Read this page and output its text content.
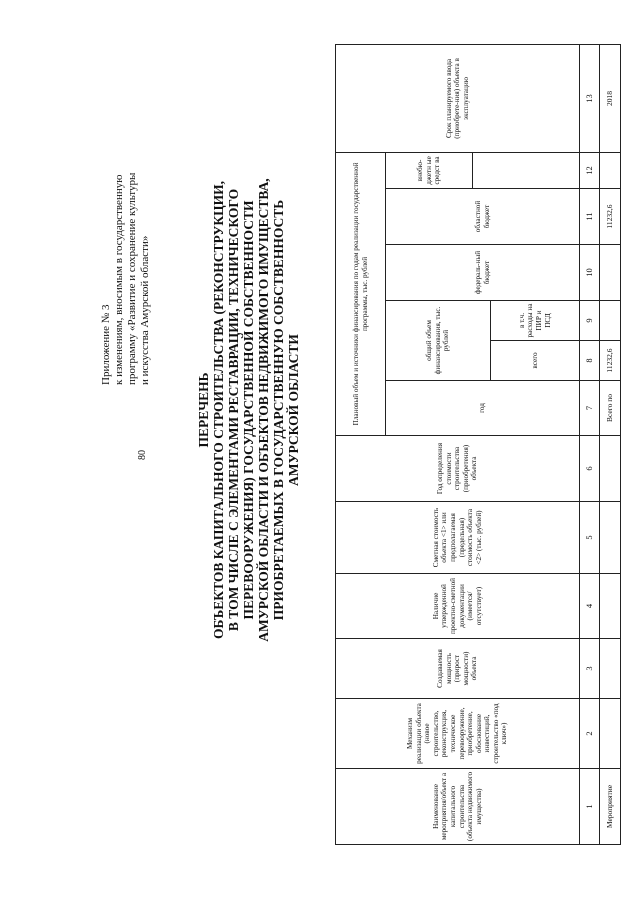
80
Приложение № 3 к изменениям, вносимым в государственную программу «Развитие и сохранение культуры и искусства Амурской области»
ПЕРЕЧЕНЬ ОБЪЕКТОВ КАПИТАЛЬНОГО СТРОИТЕЛЬСТВА (РЕКОНСТРУКЦИИ, В ТОМ ЧИСЛЕ С ЭЛЕМЕНТАМИ РЕСТАВРАЦИИ, ТЕХНИЧЕСКОГО ПЕРЕВООРУЖЕНИЯ) ГОСУДАРСТВЕННОЙ СОБСТВЕННОСТИ АМУРСКОЙ ОБЛАСТИ И ОБЪЕКТОВ НЕДВИЖИМОГО ИМУЩЕСТВА, ПРИОБРЕТАЕМЫХ В ГОСУДАРСТВЕННУЮ СОБСТВЕННОСТЬ АМУРСКОЙ ОБЛАСТИ
Наименование мероприятия/объект а капитального строительства (объекта недвижимого имущества)	Механизм реализации объекта (новое строительство, реконструкция, техническое перевооружение, приобретение, обоснование инвестиций, строительство «под ключ»)	Создаваемая мощность (прирост мощности) объекта	Наличие утвержденной проектно-сметной документации (имеется/отсутствует)	Сметная стоимость объекта <1> или предполагаемая (предельная) стоимость объекта <2> (тыс. рублей)	Год определения стоимости строительства (приобретения) объекта	Плановый объем и источники финансирования по годам реализации государственной программы, тыс. рублей						Срок планируемого ввода (приобрете-ния) объекта в эксплуатацию
						год	общий объем финансирования, тыс. рублей		федераль-ный бюджет	областной бюджет	внебю-джетн ые средст ва	

							всего	в т.ч. расходы на ПИР и ПСД				
1	2	3	4	5	6	7	8	9	10	11	12	13
Мероприятие						Всего по	11232,6			11232,6		2018
